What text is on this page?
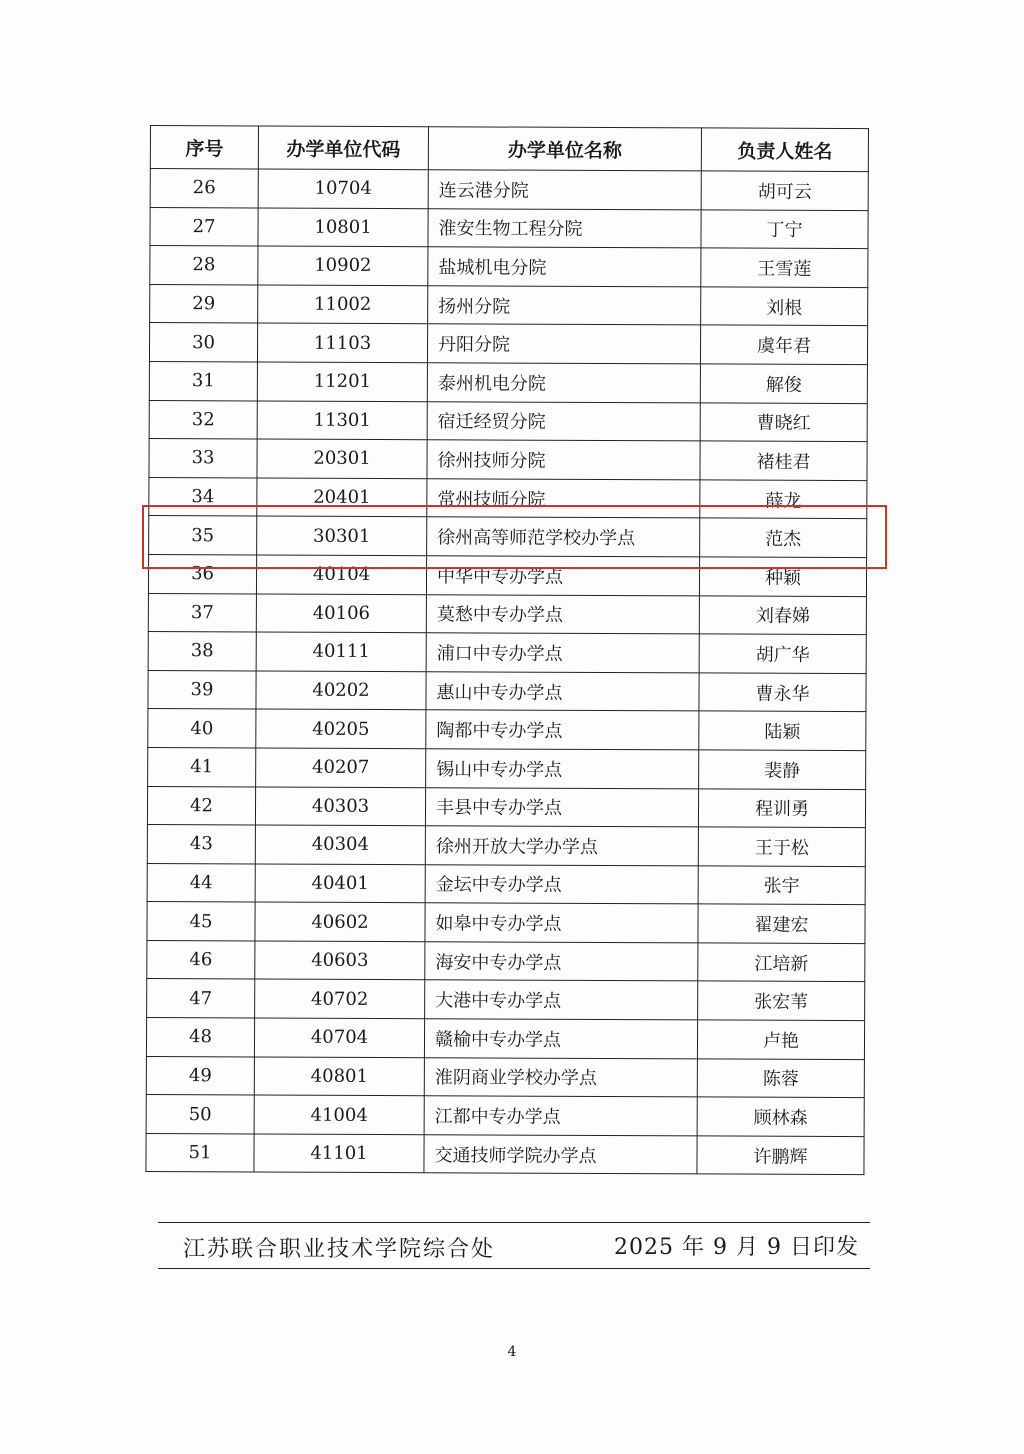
序号	办学单位代码	办学单位名称	负责人姓名
26	10704	连云港分院	胡可云
27	10801	淮安生物工程分院	丁宁
28	10902	盐城机电分院	王雪莲
29	11002	扬州分院	刘根
30	11103	丹阳分院	虞年君
31	11201	泰州机电分院	解俊
32	11301	宿迁经贸分院	曹晓红
33	20301	徐州技师分院	褚桂君
34	20401	常州技师分院	薛龙
35	30301	徐州高等师范学校办学点	范杰
36	40104	中华中专办学点	种颖
37	40106	莫愁中专办学点	刘春娣
38	40111	浦口中专办学点	胡广华
39	40202	惠山中专办学点	曹永华
40	40205	陶都中专办学点	陆颖
41	40207	锡山中专办学点	裴静
42	40303	丰县中专办学点	程训勇
43	40304	徐州开放大学办学点	王于松
44	40401	金坛中专办学点	张宇
45	40602	如皋中专办学点	翟建宏
46	40603	海安中专办学点	江培新
47	40702	大港中专办学点	张宏苇
48	40704	赣榆中专办学点	卢艳
49	40801	淮阴商业学校办学点	陈蓉
50	41004	江都中专办学点	顾林森
51	41101	交通技师学院办学点	许鹏辉
江苏联合职业技术学院综合处	2025 年 9 月 9 日印发
4
